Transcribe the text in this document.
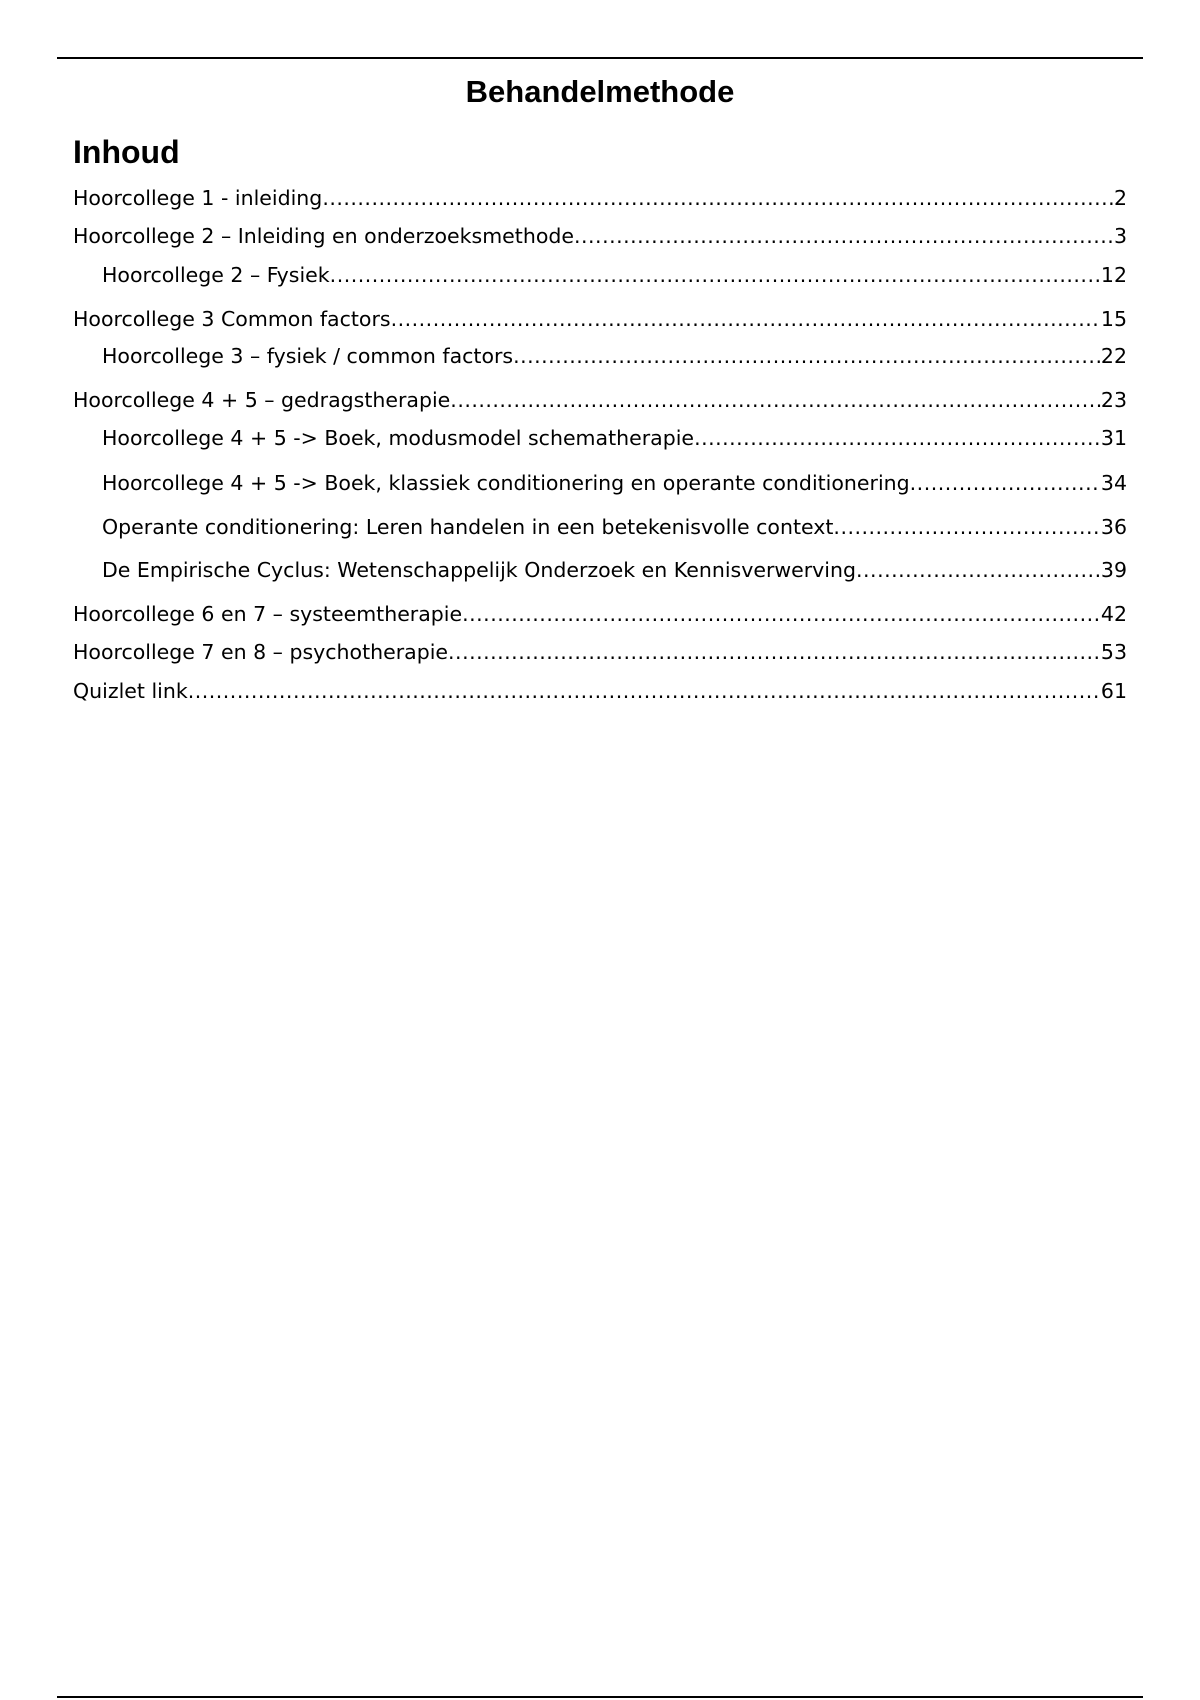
Behandelmethode
Inhoud
Hoorcollege 1 - inleiding .....	2
Hoorcollege 2 – Inleiding en onderzoeksmethode .....	3
Hoorcollege 2 – Fysiek .....	12
Hoorcollege 3 Common factors .....	15
Hoorcollege 3 – fysiek / common factors .....	22
Hoorcollege 4 + 5 – gedragstherapie .....	23
Hoorcollege 4 + 5 -> Boek, modusmodel schematherapie .....	31
Hoorcollege 4 + 5 -> Boek, klassiek conditionering en operante conditionering .....	34
Operante conditionering: Leren handelen in een betekenisvolle context .....	36
De Empirische Cyclus: Wetenschappelijk Onderzoek en Kennisverwerving .....	39
Hoorcollege 6 en 7 – systeemtherapie .....	42
Hoorcollege 7 en 8 – psychotherapie .....	53
Quizlet link .....	61
